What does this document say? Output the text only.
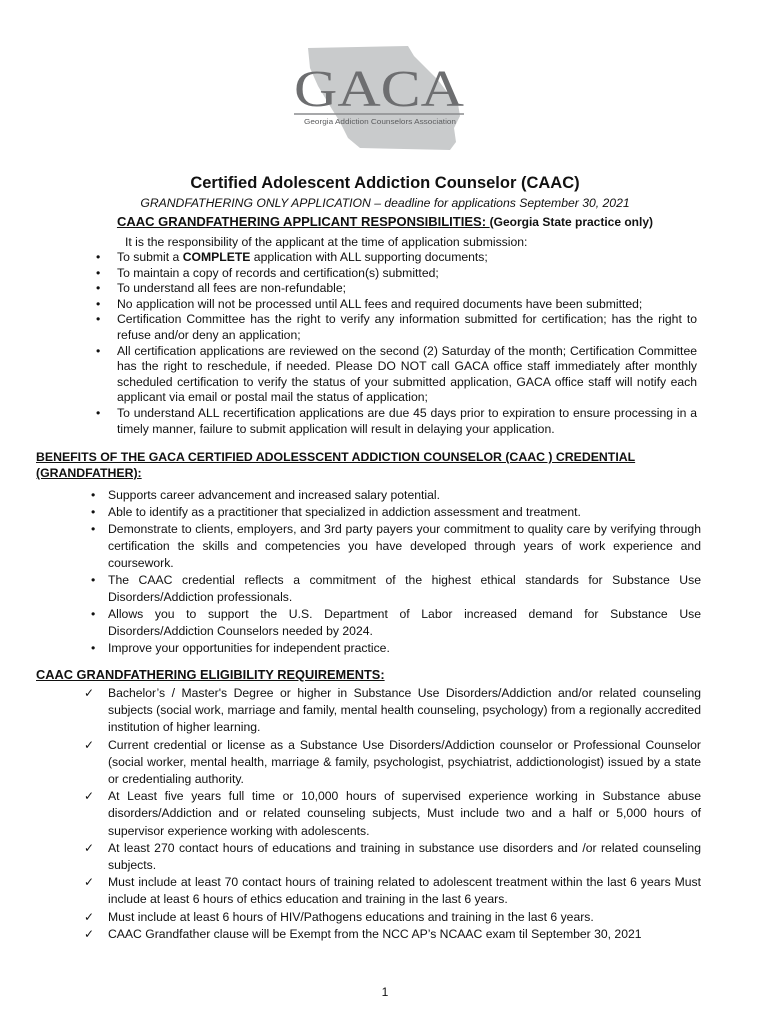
GACA
Georgia Addiction Counselors Association
Certified Adolescent Addiction Counselor (CAAC)
GRANDFATHERING ONLY APPLICATION – deadline for applications September 30, 2021
CAAC GRANDFATHERING APPLICANT RESPONSIBILITIES: (Georgia State practice only)
It is the responsibility of the applicant at the time of application submission:
• To submit a COMPLETE application with ALL supporting documents;
• To maintain a copy of records and certification(s) submitted;
• To understand all fees are non-refundable;
• No application will not be processed until ALL fees and required documents have been submitted;
• Certification Committee has the right to verify any information submitted for certification; has the right to refuse and/or deny an application;
• All certification applications are reviewed on the second (2) Saturday of the month; Certification Committee has the right to reschedule, if needed. Please DO NOT call GACA office staff immediately after monthly scheduled certification to verify the status of your submitted application, GACA office staff will notify each applicant via email or postal mail the status of application;
• To understand ALL recertification applications are due 45 days prior to expiration to ensure processing in a timely manner, failure to submit application will result in delaying your application.
BENEFITS OF THE GACA CERTIFIED ADOLESSCENT ADDICTION COUNSELOR (CAAC ) CREDENTIAL (GRANDFATHER):
• Supports career advancement and increased salary potential.
• Able to identify as a practitioner that specialized in addiction assessment and treatment.
• Demonstrate to clients, employers, and 3rd party payers your commitment to quality care by verifying through certification the skills and competencies you have developed through years of work experience and coursework.
• The CAAC credential reflects a commitment of the highest ethical standards for Substance Use Disorders/Addiction professionals.
• Allows you to support the U.S. Department of Labor increased demand for Substance Use Disorders/Addiction Counselors needed by 2024.
• Improve your opportunities for independent practice.
CAAC GRANDFATHERING ELIGIBILITY REQUIREMENTS:
✓ Bachelor’s / Master's Degree or higher in Substance Use Disorders/Addiction and/or related counseling subjects (social work, marriage and family, mental health counseling, psychology) from a regionally accredited institution of higher learning.
✓ Current credential or license as a Substance Use Disorders/Addiction counselor or Professional Counselor (social worker, mental health, marriage & family, psychologist, psychiatrist, addictionologist) issued by a state or credentialing authority.
✓ At Least five years full time or 10,000 hours of supervised experience working in Substance abuse disorders/Addiction and or related counseling subjects, Must include two and a half or 5,000 hours of supervisor experience working with adolescents.
✓ At least 270 contact hours of educations and training in substance use disorders and /or related counseling subjects.
✓ Must include at least 70 contact hours of training related to adolescent treatment within the last 6 years Must include at least 6 hours of ethics education and training in the last 6 years.
✓ Must include at least 6 hours of HIV/Pathogens educations and training in the last 6 years.
✓ CAAC Grandfather clause will be Exempt from the NCC AP’s NCAAC exam til September 30, 2021
1
